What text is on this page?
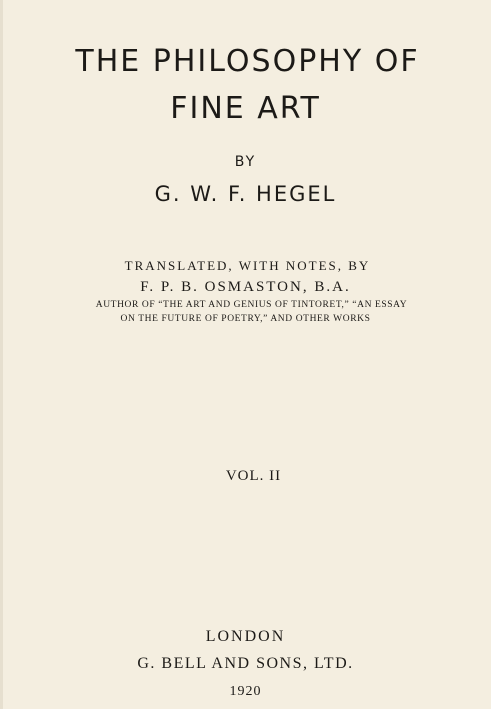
THE PHILOSOPHY OF
FINE ART
BY
G. W. F. HEGEL
TRANSLATED, WITH NOTES, BY
F. P. B. OSMASTON, B.A.
AUTHOR OF “THE ART AND GENIUS OF TINTORET,” “AN ESSAY
ON THE FUTURE OF POETRY,” AND OTHER WORKS
VOL. II
LONDON
G. BELL AND SONS, LTD.
1920
